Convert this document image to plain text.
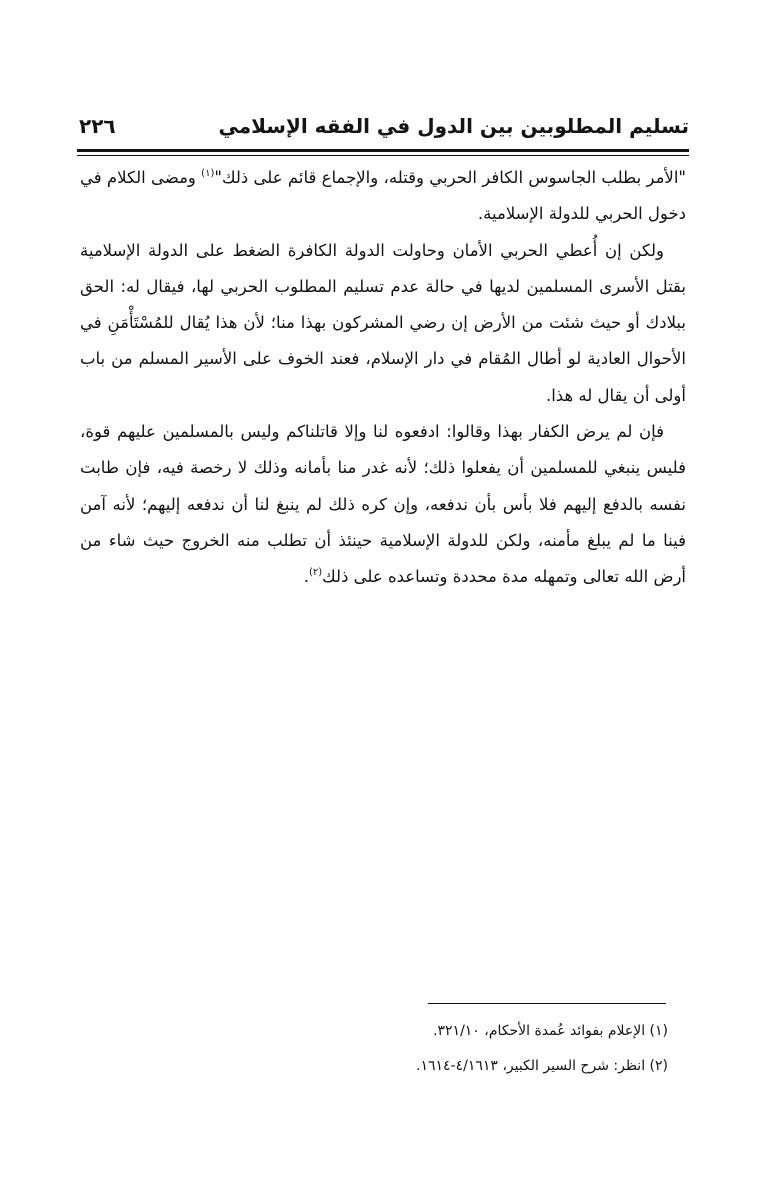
تسليم المطلوبين بين الدول في الفقه الإسلامي
٢٢٦

"الأمر بطلب الجاسوس الكافر الحربي وقتله، والإجماع قائم على ذلك"$^{(١)}$ ومضى الكلام في دخول الحربي للدولة الإسلامية.

ولكن إن أُعطي الحربي الأمان وحاولت الدولة الكافرة الضغط على الدولة الإسلامية بقتل الأسرى المسلمين لديها في حالة عدم تسليم المطلوب الحربي لها، فيقال له: الحق ببلادك أو حيث شئت من الأرض إن رضي المشركون بهذا منا؛ لأن هذا يُقال للمُسْتَأْمَنِ في الأحوال العادية لو أطال المُقام في دار الإسلام، فعند الخوف على الأسير المسلم من باب أولى أن يقال له هذا.

فإن لم يرض الكفار بهذا وقالوا: ادفعوه لنا وإلا قاتلناكم وليس بالمسلمين عليهم قوة، فليس ينبغي للمسلمين أن يفعلوا ذلك؛ لأنه غدر منا بأمانه وذلك لا رخصة فيه، فإن طابت نفسه بالدفع إليهم فلا بأس بأن ندفعه، وإن كره ذلك لم ينبغ لنا أن ندفعه إليهم؛ لأنه آمن فينا ما لم يبلغ مأمنه، ولكن للدولة الإسلامية حينئذ أن تطلب منه الخروج حيث شاء من أرض الله تعالى وتمهله مدة محددة وتساعده على ذلك$^{(٢)}$.

(١) الإعلام بفوائد عُمدة الأحكام، ٣٢١/١٠.
(٢) انظر: شرح السير الكبير، ٤/١٦١٣-١٦١٤.
